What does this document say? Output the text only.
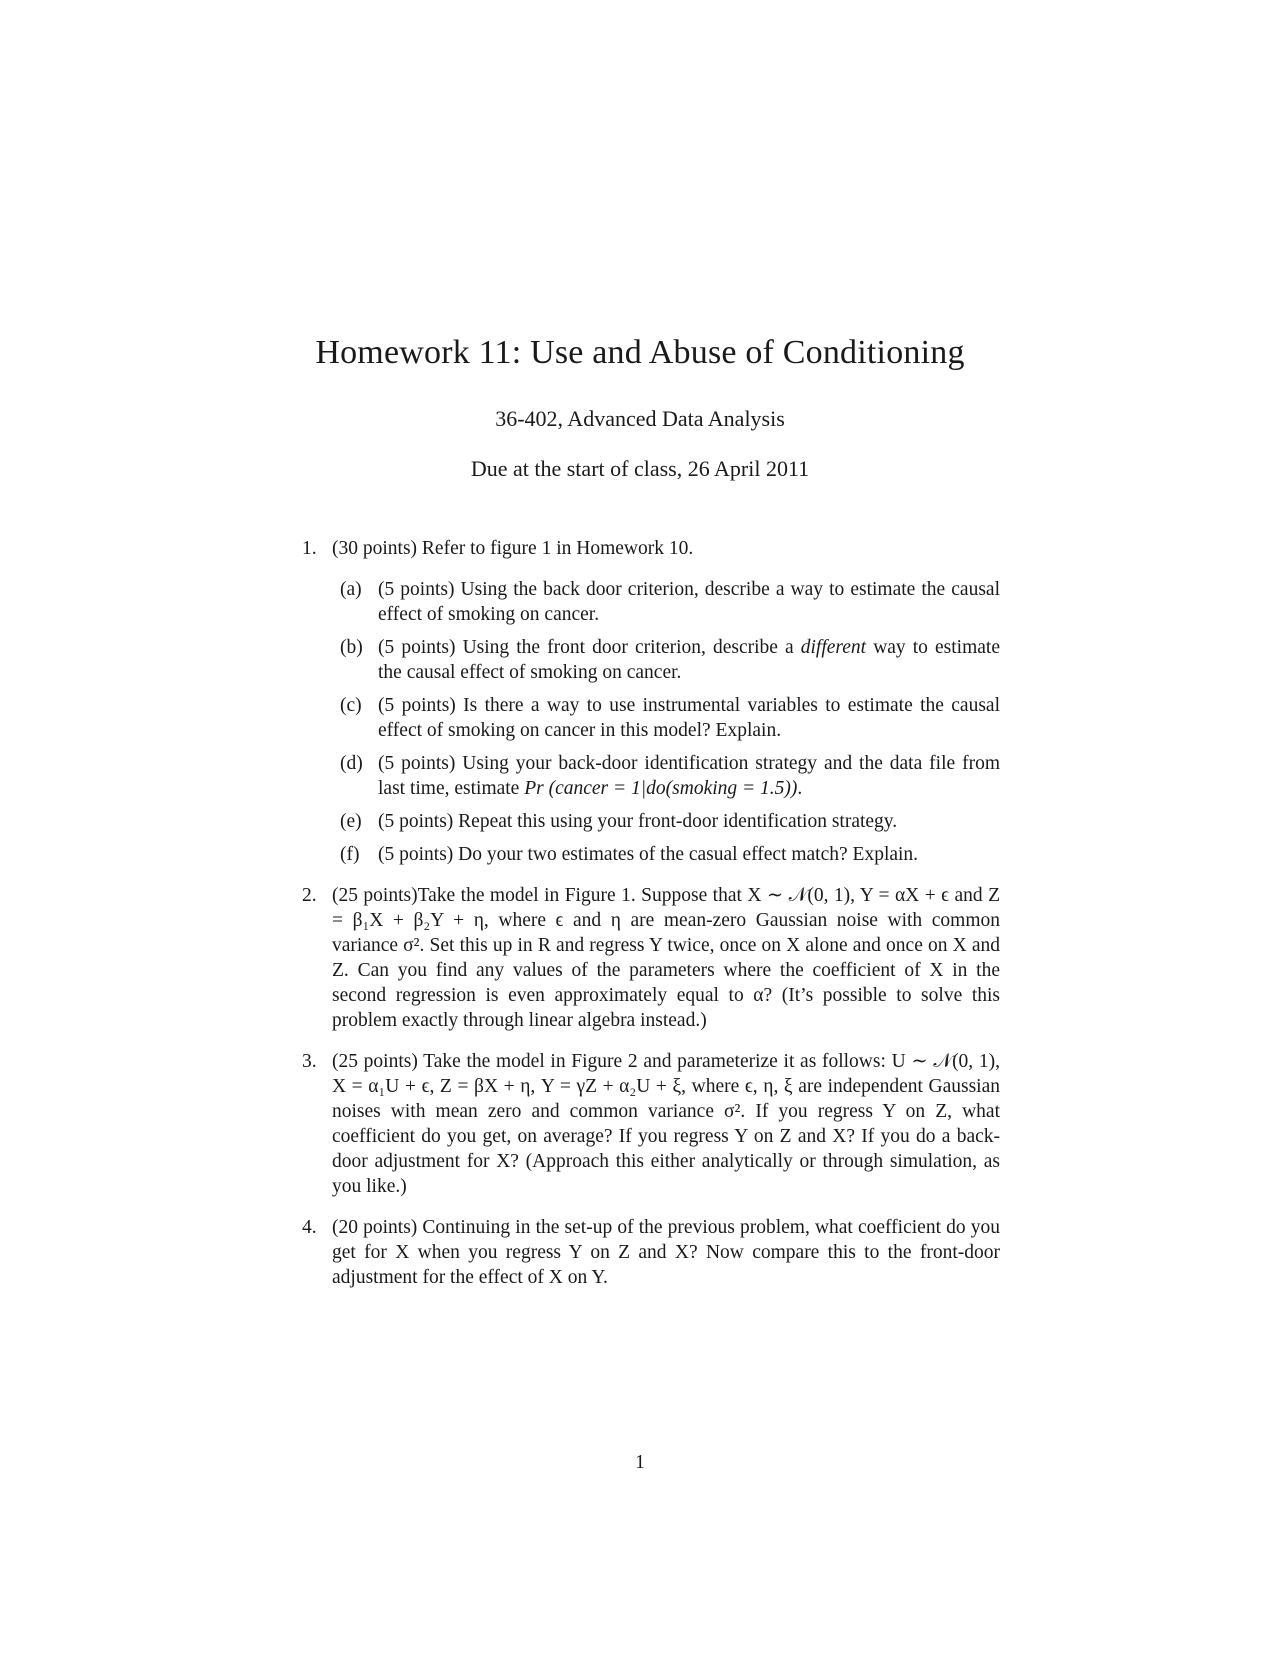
Homework 11: Use and Abuse of Conditioning
36-402, Advanced Data Analysis
Due at the start of class, 26 April 2011
1. (30 points) Refer to figure 1 in Homework 10.
(a) (5 points) Using the back door criterion, describe a way to estimate the causal effect of smoking on cancer.
(b) (5 points) Using the front door criterion, describe a different way to estimate the causal effect of smoking on cancer.
(c) (5 points) Is there a way to use instrumental variables to estimate the causal effect of smoking on cancer in this model? Explain.
(d) (5 points) Using your back-door identification strategy and the data file from last time, estimate Pr (cancer = 1|do(smoking = 1.5)).
(e) (5 points) Repeat this using your front-door identification strategy.
(f) (5 points) Do your two estimates of the casual effect match? Explain.
2. (25 points)Take the model in Figure 1. Suppose that X ∼ 𝒩(0, 1), Y = αX + ϵ and Z = β₁X + β₂Y + η, where ϵ and η are mean-zero Gaussian noise with common variance σ². Set this up in R and regress Y twice, once on X alone and once on X and Z. Can you find any values of the parameters where the coefficient of X in the second regression is even approximately equal to α? (It’s possible to solve this problem exactly through linear algebra instead.)
3. (25 points) Take the model in Figure 2 and parameterize it as follows: U ∼ 𝒩(0, 1), X = α₁U + ϵ, Z = βX + η, Y = γZ + α₂U + ξ, where ϵ, η, ξ are independent Gaussian noises with mean zero and common variance σ². If you regress Y on Z, what coefficient do you get, on average? If you regress Y on Z and X? If you do a back-door adjustment for X? (Approach this either analytically or through simulation, as you like.)
4. (20 points) Continuing in the set-up of the previous problem, what coefficient do you get for X when you regress Y on Z and X? Now compare this to the front-door adjustment for the effect of X on Y.
1
